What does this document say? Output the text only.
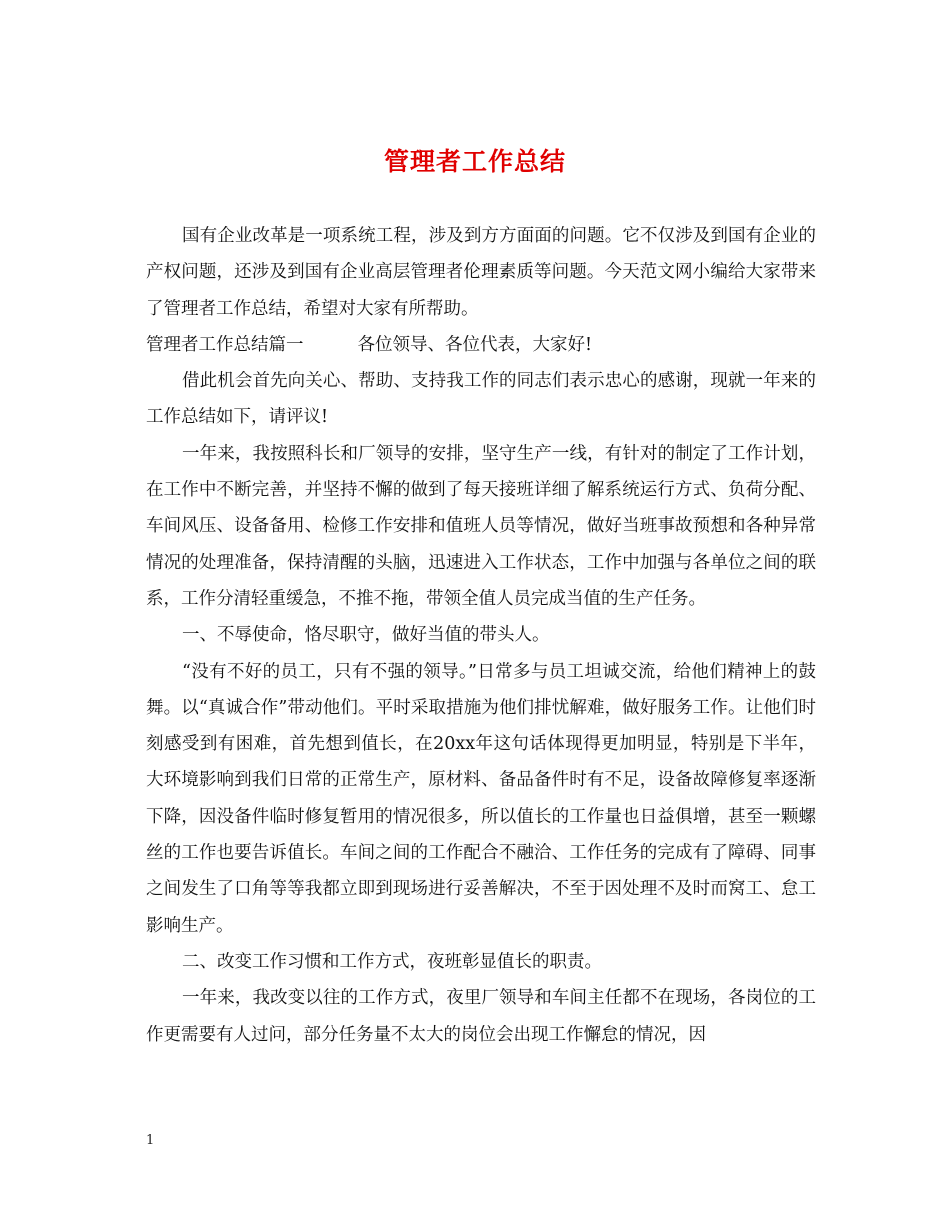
管理者工作总结

国有企业改革是一项系统工程，涉及到方方面面的问题。它不仅涉及到国有企业的产权问题，还涉及到国有企业高层管理者伦理素质等问题。今天范文网小编给大家带来了管理者工作总结，希望对大家有所帮助。

管理者工作总结篇一	各位领导、各位代表，大家好!

借此机会首先向关心、帮助、支持我工作的同志们表示忠心的感谢，现就一年来的工作总结如下，请评议!

一年来，我按照科长和厂领导的安排，坚守生产一线，有针对的制定了工作计划，在工作中不断完善，并坚持不懈的做到了每天接班详细了解系统运行方式、负荷分配、车间风压、设备备用、检修工作安排和值班人员等情况，做好当班事故预想和各种异常情况的处理准备，保持清醒的头脑，迅速进入工作状态，工作中加强与各单位之间的联系，工作分清轻重缓急，不推不拖，带领全值人员完成当值的生产任务。

一、不辱使命，恪尽职守，做好当值的带头人。

“没有不好的员工，只有不强的领导。”日常多与员工坦诚交流，给他们精神上的鼓舞。以“真诚合作”带动他们。平时采取措施为他们排忧解难，做好服务工作。让他们时刻感受到有困难，首先想到值长，在20xx年这句话体现得更加明显，特别是下半年，大环境影响到我们日常的正常生产，原材料、备品备件时有不足，设备故障修复率逐渐下降，因没备件临时修复暂用的情况很多，所以值长的工作量也日益俱增，甚至一颗螺丝的工作也要告诉值长。车间之间的工作配合不融洽、工作任务的完成有了障碍、同事之间发生了口角等等我都立即到现场进行妥善解决，不至于因处理不及时而窝工、怠工影响生产。

二、改变工作习惯和工作方式，夜班彰显值长的职责。

一年来，我改变以往的工作方式，夜里厂领导和车间主任都不在现场，各岗位的工作更需要有人过问，部分任务量不太大的岗位会出现工作懈怠的情况，因

1
